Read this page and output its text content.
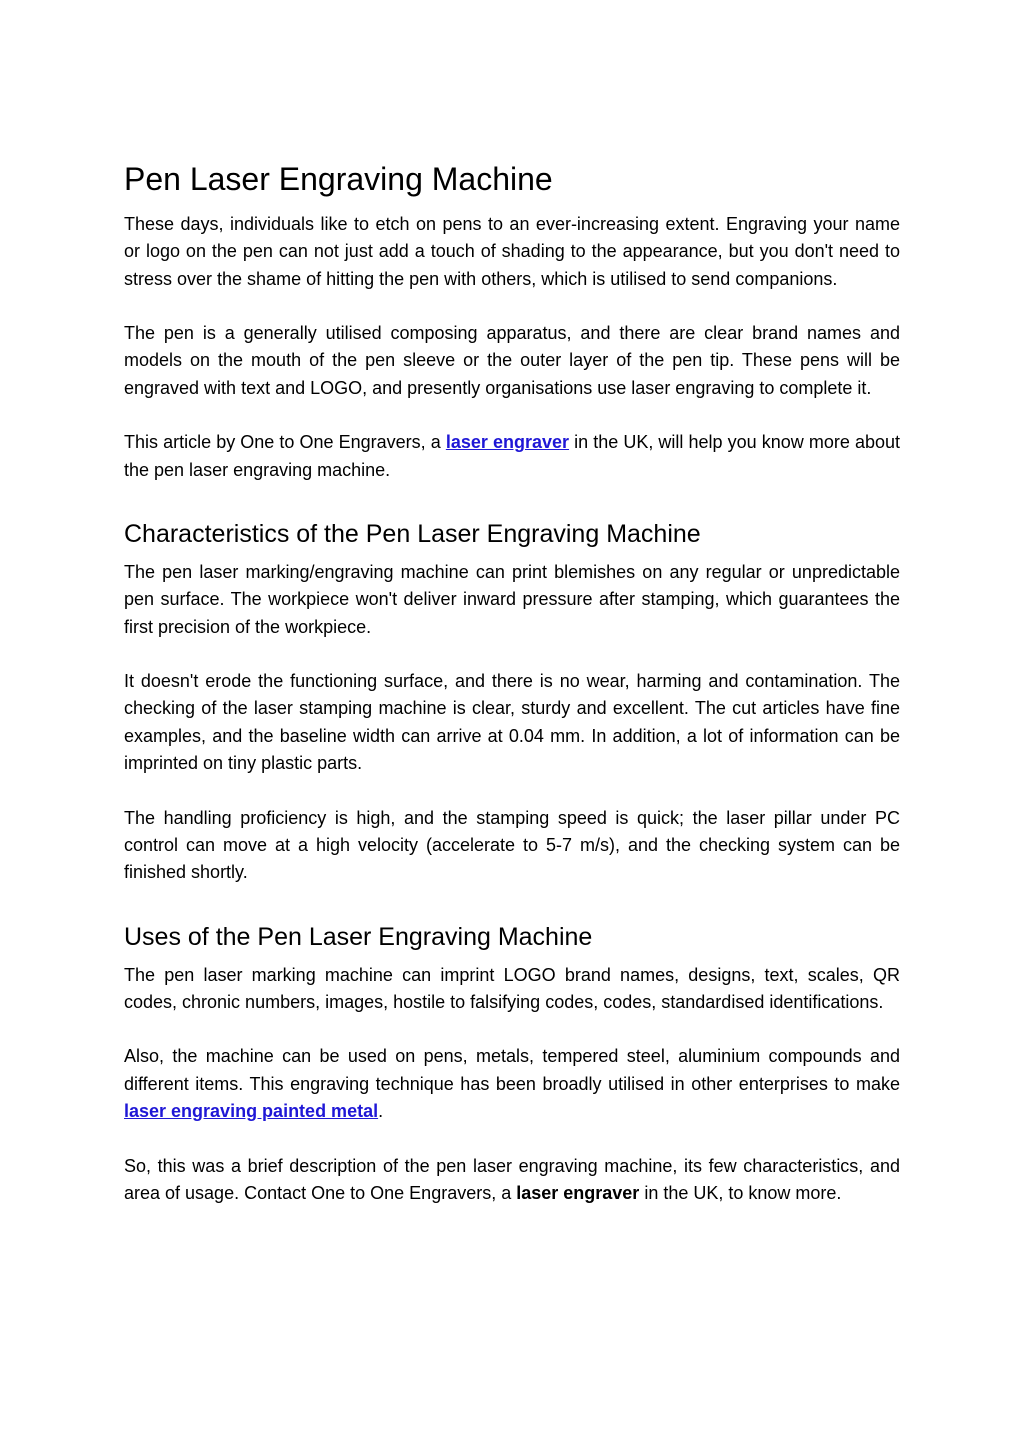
Pen Laser Engraving Machine

These days, individuals like to etch on pens to an ever-increasing extent. Engraving your name or logo on the pen can not just add a touch of shading to the appearance, but you don't need to stress over the shame of hitting the pen with others, which is utilised to send companions.

The pen is a generally utilised composing apparatus, and there are clear brand names and models on the mouth of the pen sleeve or the outer layer of the pen tip. These pens will be engraved with text and LOGO, and presently organisations use laser engraving to complete it.

This article by One to One Engravers, a laser engraver in the UK, will help you know more about the pen laser engraving machine.

Characteristics of the Pen Laser Engraving Machine

The pen laser marking/engraving machine can print blemishes on any regular or unpredictable pen surface. The workpiece won't deliver inward pressure after stamping, which guarantees the first precision of the workpiece.

It doesn't erode the functioning surface, and there is no wear, harming and contamination. The checking of the laser stamping machine is clear, sturdy and excellent. The cut articles have fine examples, and the baseline width can arrive at 0.04 mm. In addition, a lot of information can be imprinted on tiny plastic parts.

The handling proficiency is high, and the stamping speed is quick; the laser pillar under PC control can move at a high velocity (accelerate to 5-7 m/s), and the checking system can be finished shortly.

Uses of the Pen Laser Engraving Machine

The pen laser marking machine can imprint LOGO brand names, designs, text, scales, QR codes, chronic numbers, images, hostile to falsifying codes, codes, standardised identifications.

Also, the machine can be used on pens, metals, tempered steel, aluminium compounds and different items. This engraving technique has been broadly utilised in other enterprises to make laser engraving painted metal.

So, this was a brief description of the pen laser engraving machine, its few characteristics, and area of usage. Contact One to One Engravers, a laser engraver in the UK, to know more.
